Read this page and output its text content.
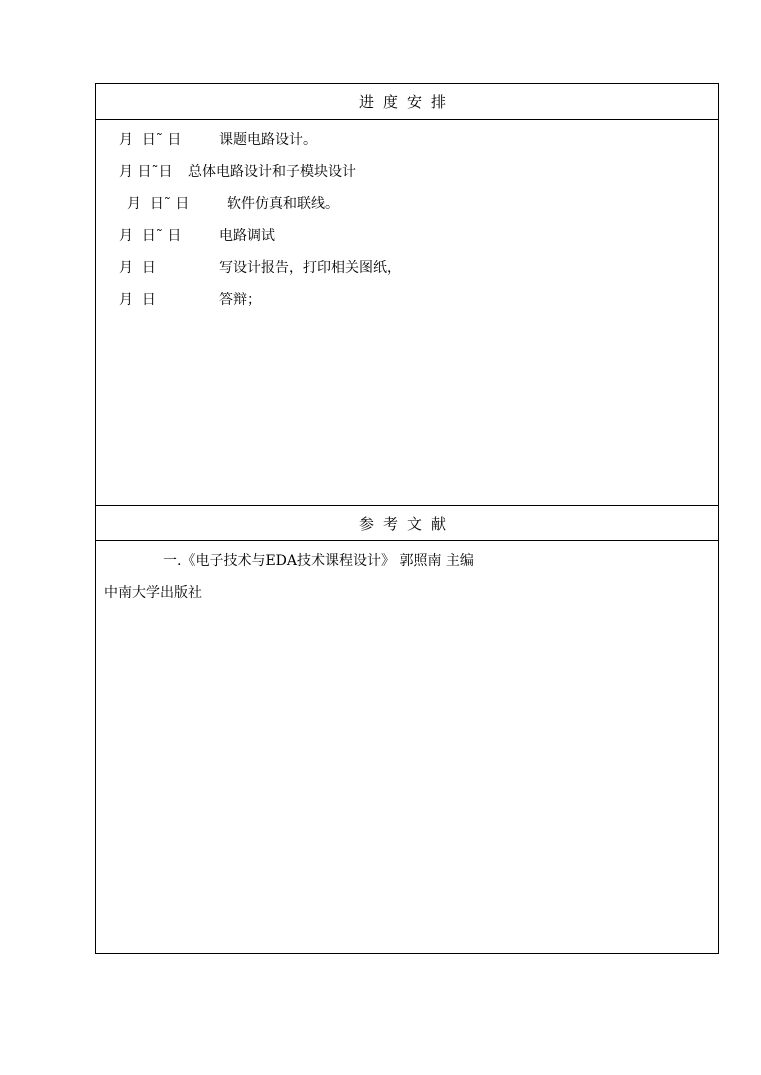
进度安排
参考文献
月  日˜ 日	课题电路设计。
月 日˜日 总体电路设计和子模块设计
月  日˜ 日	软件仿真和联线。
月  日˜ 日	电路调试
月  日	写设计报告，打印相关图纸，
月  日	答辩；
一.《电子技术与EDA技术课程设计》 郭照南 主编
中南大学出版社
